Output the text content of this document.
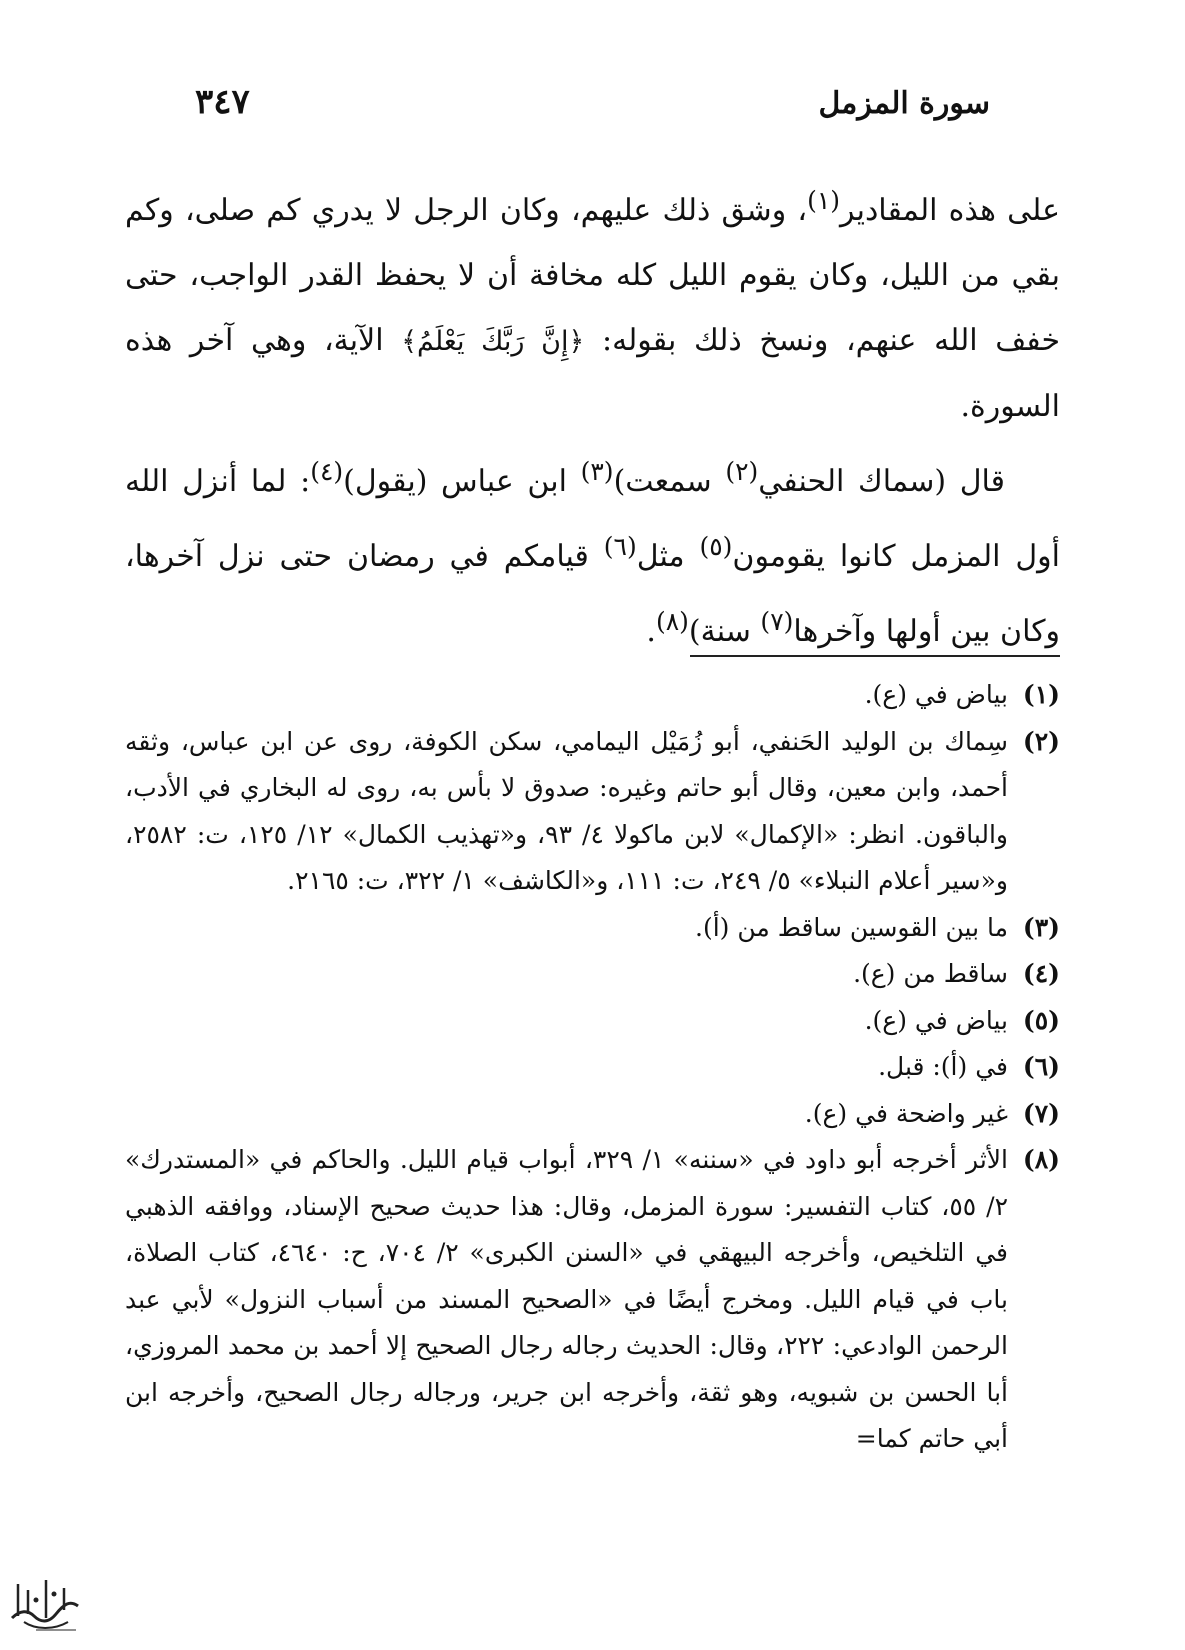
سورة المزمل
٣٤٧

على هذه المقادير$^{(١)}$، وشق ذلك عليهم، وكان الرجل لا يدري كم صلى، وكم بقي من الليل، وكان يقوم الليل كله مخافة أن لا يحفظ القدر الواجب، حتى خفف الله عنهم، ونسخ ذلك بقوله: ﴿إِنَّ رَبَّكَ يَعْلَمُ﴾ الآية، وهي آخر هذه السورة.

قال (سماك الحنفي$^{(٢)}$ سمعت)$^{(٣)}$ ابن عباس (يقول)$^{(٤)}$: لما أنزل الله أول المزمل كانوا يقومون$^{(٥)}$ مثل$^{(٦)}$ قيامكم في رمضان حتى نزل آخرها، وكان بين أولها وآخرها$^{(٧)}$ سنة)$^{(٨)}$.

(١)
بياض في (ع).
(٢)
سِماك بن الوليد الحَنفي، أبو زُمَيْل اليمامي، سكن الكوفة، روى عن ابن عباس، وثقه أحمد، وابن معين، وقال أبو حاتم وغيره: صدوق لا بأس به، روى له البخاري في الأدب، والباقون. انظر: «الإكمال» لابن ماكولا ٤/ ٩٣، و«تهذيب الكمال» ١٢/ ١٢٥، ت: ٢٥٨٢، و«سير أعلام النبلاء» ٥/ ٢٤٩، ت: ١١١، و«الكاشف» ١/ ٣٢٢، ت: ٢١٦٥.
(٣)
ما بين القوسين ساقط من (أ).
(٤)
ساقط من (ع).
(٥)
بياض في (ع).
(٦)
في (أ): قبل.
(٧)
غير واضحة في (ع).
(٨)
الأثر أخرجه أبو داود في «سننه» ١/ ٣٢٩، أبواب قيام الليل. والحاكم في «المستدرك» ٢/ ٥٥، كتاب التفسير: سورة المزمل، وقال: هذا حديث صحيح الإسناد، ووافقه الذهبي في التلخيص، وأخرجه البيهقي في «السنن الكبرى» ٢/ ٧٠٤، ح: ٤٦٤٠، كتاب الصلاة، باب في قيام الليل. ومخرج أيضًا في «الصحيح المسند من أسباب النزول» لأبي عبد الرحمن الوادعي: ٢٢٢، وقال: الحديث رجاله رجال الصحيح إلا أحمد بن محمد المروزي، أبا الحسن بن شبويه، وهو ثقة، وأخرجه ابن جرير، ورجاله رجال الصحيح، وأخرجه ابن أبي حاتم كما=
